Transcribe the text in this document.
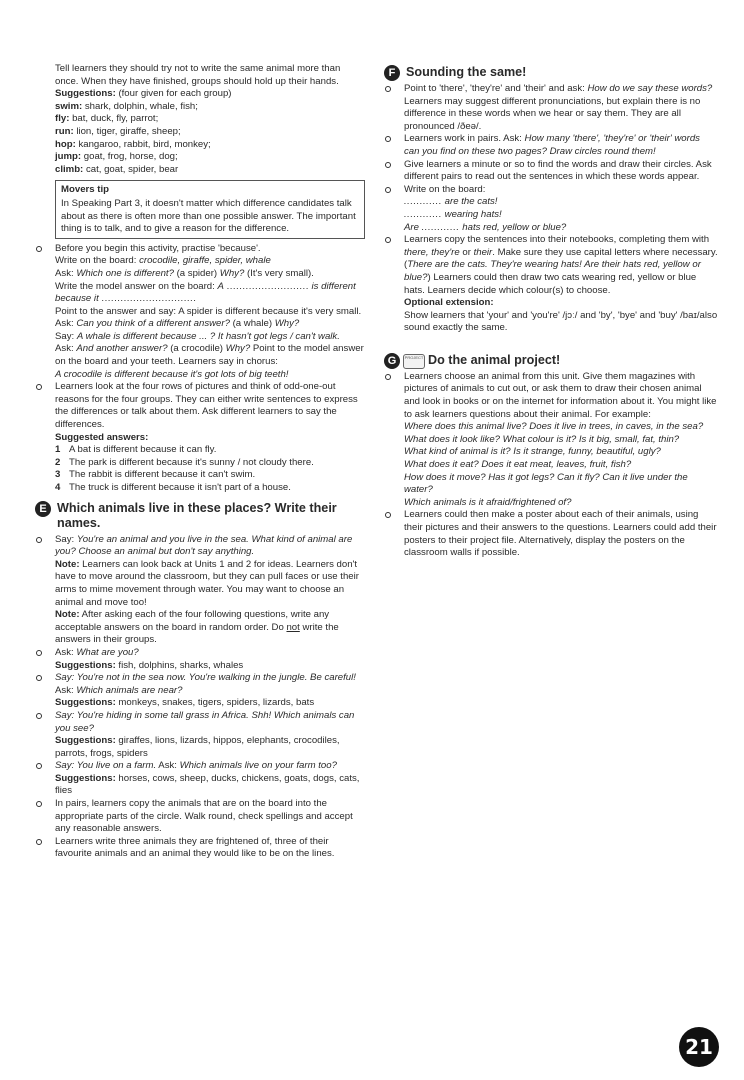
Tell learners they should try not to write the same animal more than once. When they have finished, groups should hold up their hands.

Suggestions: (four given for each group)

swim: shark, dolphin, whale, fish;

fly: bat, duck, fly, parrot;

run: lion, tiger, giraffe, sheep;

hop: kangaroo, rabbit, bird, monkey;

jump: goat, frog, horse, dog;

climb: cat, goat, spider, bear

Movers tip
In Speaking Part 3, it doesn't matter which difference candidates talk about as there is often more than one possible answer. The important thing is to talk, and to give a reason for the difference.

Before you begin this activity, practise 'because'.

Write on the board: crocodile, giraffe, spider, whale

Ask: Which one is different? (a spider) Why? (It's very small).

Write the model answer on the board: A .......................... is different because it ..............................

Point to the answer and say: A spider is different because it's very small.

Ask: Can you think of a different answer? (a whale) Why?

Say: A whale is different because ... ? It hasn't got legs / can't walk.

Ask: And another answer? (a crocodile) Why? Point to the model answer on the board and your teeth. Learners say in chorus:

A crocodile is different because it's got lots of big teeth!

Learners look at the four rows of pictures and think of odd-one-out reasons for the four groups. They can either write sentences to express the differences or talk about them. Ask different learners to say the differences.

Suggested answers:

1 A bat is different because it can fly.
2 The park is different because it's sunny / not cloudy there.
3 The rabbit is different because it can't swim.
4 The truck is different because it isn't part of a house.
E Which animals live in these places? Write their names.

Say: You're an animal and you live in the sea. What kind of animal are you? Choose an animal but don't say anything.

Note: Learners can look back at Units 1 and 2 for ideas. Learners don't have to move around the classroom, but they can pull faces or use their arms to mime movement through water. You may want to choose an animal and move too!

Note: After asking each of the four following questions, write any acceptable answers on the board in random order. Do not write the answers in their groups.

Ask: What are you?

Suggestions: fish, dolphins, sharks, whales

Say: You're not in the sea now. You're walking in the jungle. Be careful! Ask: Which animals are near?

Suggestions: monkeys, snakes, tigers, spiders, lizards, bats

Say: You're hiding in some tall grass in Africa. Shh! Which animals can you see?

Suggestions: giraffes, lions, lizards, hippos, elephants, crocodiles, parrots, frogs, spiders

Say: You live on a farm. Ask: Which animals live on your farm too?

Suggestions: horses, cows, sheep, ducks, chickens, goats, dogs, cats, flies

In pairs, learners copy the animals that are on the board into the appropriate parts of the circle. Walk round, check spellings and accept any reasonable answers.

Learners write three animals they are frightened of, three of their favourite animals and an animal they would like to be on the lines.

F Sounding the same!

Point to 'there', 'they're' and 'their' and ask: How do we say these words? Learners may suggest different pronunciations, but explain there is no difference in these words when we hear or say them. They are all pronounced /ðeə/.

Learners work in pairs. Ask: How many 'there', 'they're' or 'their' words can you find on these two pages? Draw circles round them!

Give learners a minute or so to find the words and draw their circles. Ask different pairs to read out the sentences in which these words appear.

Write on the board:

............ are the cats!

............ wearing hats!

Are ............ hats red, yellow or blue?

Learners copy the sentences into their notebooks, completing them with there, they're or their. Make sure they use capital letters where necessary. (There are the cats. They're wearing hats! Are their hats red, yellow or blue?) Learners could then draw two cats wearing red, yellow or blue hats. Learners decide which colour(s) to choose.

Optional extension:

Show learners that 'your' and 'you're' /jɔː/ and 'by', 'bye' and 'buy' /baɪ/also sound exactly the same.

G	PROJECT Do the animal project!

Learners choose an animal from this unit. Give them magazines with pictures of animals to cut out, or ask them to draw their chosen animal and look in books or on the internet for information about it. You might like to ask learners questions about their animal. For example:

Where does this animal live? Does it live in trees, in caves, in the sea?

What does it look like? What colour is it? Is it big, small, fat, thin?

What kind of animal is it? Is it strange, funny, beautiful, ugly?

What does it eat? Does it eat meat, leaves, fruit, fish?

How does it move? Has it got legs? Can it fly? Can it live under the water?

Which animals is it afraid/frightened of?

Learners could then make a poster about each of their animals, using their pictures and their answers to the questions. Learners could add their posters to their project file. Alternatively, display the posters on the classroom walls if possible.

21
